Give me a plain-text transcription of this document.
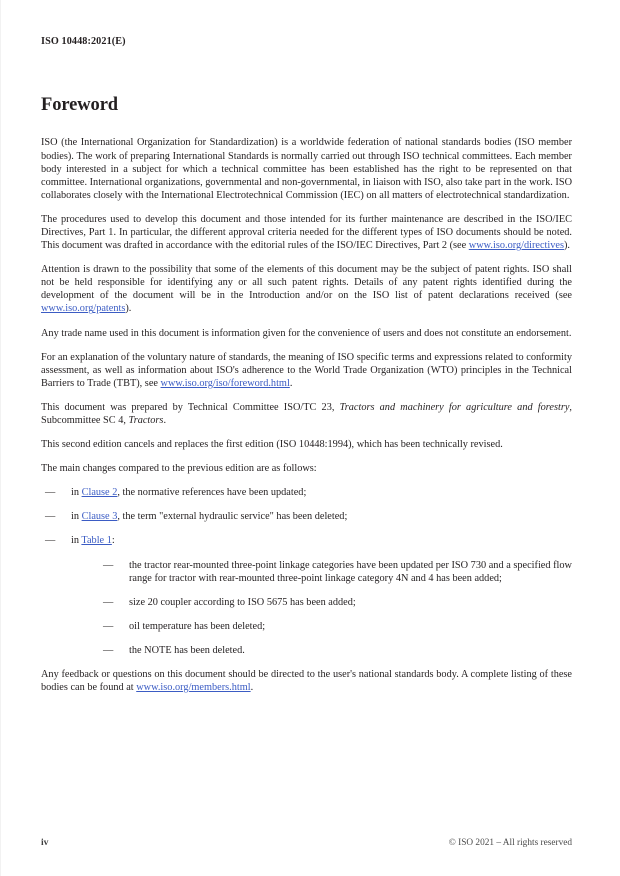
ISO 10448:2021(E)
Foreword

ISO (the International Organization for Standardization) is a worldwide federation of national standards bodies (ISO member bodies). The work of preparing International Standards is normally carried out through ISO technical committees. Each member body interested in a subject for which a technical committee has been established has the right to be represented on that committee. International organizations, governmental and non-governmental, in liaison with ISO, also take part in the work. ISO collaborates closely with the International Electrotechnical Commission (IEC) on all matters of electrotechnical standardization.

The procedures used to develop this document and those intended for its further maintenance are described in the ISO/IEC Directives, Part 1. In particular, the different approval criteria needed for the different types of ISO documents should be noted. This document was drafted in accordance with the editorial rules of the ISO/IEC Directives, Part 2 (see www.iso.org/directives).

Attention is drawn to the possibility that some of the elements of this document may be the subject of patent rights. ISO shall not be held responsible for identifying any or all such patent rights. Details of any patent rights identified during the development of the document will be in the Introduction and/or on the ISO list of patent declarations received (see www.iso.org/patents).

Any trade name used in this document is information given for the convenience of users and does not constitute an endorsement.

For an explanation of the voluntary nature of standards, the meaning of ISO specific terms and expressions related to conformity assessment, as well as information about ISO's adherence to the World Trade Organization (WTO) principles in the Technical Barriers to Trade (TBT), see www.iso.org/iso/foreword.html.

This document was prepared by Technical Committee ISO/TC 23, Tractors and machinery for agriculture and forestry, Subcommittee SC 4, Tractors.

This second edition cancels and replaces the first edition (ISO 10448:1994), which has been technically revised.

The main changes compared to the previous edition are as follows:

— in Clause 2, the normative references have been updated;
— in Clause 3, the term "external hydraulic service" has been deleted;
— in Table 1:
— the tractor rear-mounted three-point linkage categories have been updated per ISO 730 and a specified flow range for tractor with rear-mounted three-point linkage category 4N and 4 has been added;
— size 20 coupler according to ISO 5675 has been added;
— oil temperature has been deleted;
— the NOTE has been deleted.

Any feedback or questions on this document should be directed to the user's national standards body. A complete listing of these bodies can be found at www.iso.org/members.html.

iv	© ISO 2021 – All rights reserved
